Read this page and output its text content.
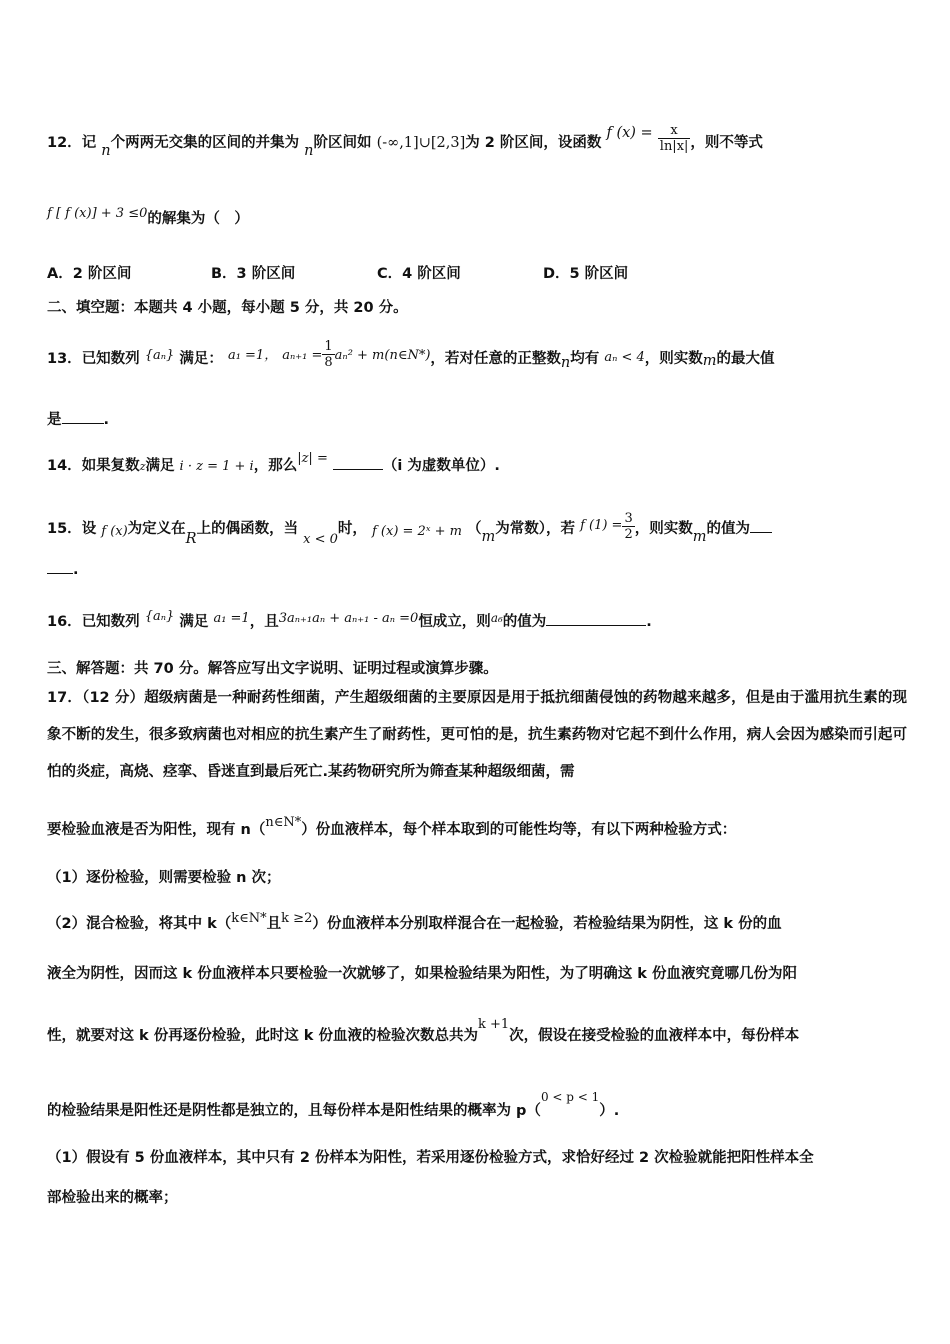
12．记 n个两两无交集的区间的并集为 n阶区间如 (-∞,1]∪[2,3]为 2 阶区间，设函数 f $(x) = \frac{x}{\ln|x|}$ ，则不等式
f [ f (x)] + 3 ≤0的解集为（　）
A．2 阶区间	B．3 阶区间	C．4 阶区间	D．5 阶区间
二、填空题：本题共 4 小题，每小题 5 分，共 20 分。
13．已知数列 {aₙ} 满足： a₁ =1， $a_{n+1} = \frac{1}{8} a_n^2$ + m(n∈N*)，若对任意的正整数n均有 aₙ < 4，则实数m的最大值
是	.
14．如果复数z满足 i · z = 1 + i，那么|z| =	（i 为虚数单位）.
15．设 f (x)为定义在R上的偶函数，当 x < 0时， f (x) = 2ˣ + m （m为常数），若 f $(1) = \frac{3}{2}$ ，则实数m的值为
.
16．已知数列 {aₙ} 满足 a₁ =1，且3aₙ₊₁aₙ + aₙ₊₁ - aₙ =0恒成立，则$^{a_6}$的值为	.
三、解答题：共 70 分。解答应写出文字说明、证明过程或演算步骤。
17．（12 分）超级病菌是一种耐药性细菌，产生超级细菌的主要原因是用于抵抗细菌侵蚀的药物越来越多，但是由于滥用抗生素的现象不断的发生，很多致病菌也对相应的抗生素产生了耐药性，更可怕的是，抗生素药物对它起不到什么作用，病人会因为感染而引起可怕的炎症，高烧、痉挛、昏迷直到最后死亡.某药物研究所为筛查某种超级细菌，需
要检验血液是否为阳性，现有 n（n∈N*）份血液样本，每个样本取到的可能性均等，有以下两种检验方式：
（1）逐份检验，则需要检验 n 次；
（2）混合检验，将其中 k（k∈N*且k ≥2）份血液样本分别取样混合在一起检验，若检验结果为阴性，这 k 份的血
液全为阴性，因而这 k 份血液样本只要检验一次就够了，如果检验结果为阳性，为了明确这 k 份血液究竟哪几份为阳
性，就要对这 k 份再逐份检验，此时这 k 份血液的检验次数总共为k +1次，假设在接受检验的血液样本中，每份样本
的检验结果是阳性还是阴性都是独立的，且每份样本是阳性结果的概率为 p（$^{0 < p < 1}$）.
（1）假设有 5 份血液样本，其中只有 2 份样本为阳性，若采用逐份检验方式，求恰好经过 2 次检验就能把阳性样本全
部检验出来的概率；
